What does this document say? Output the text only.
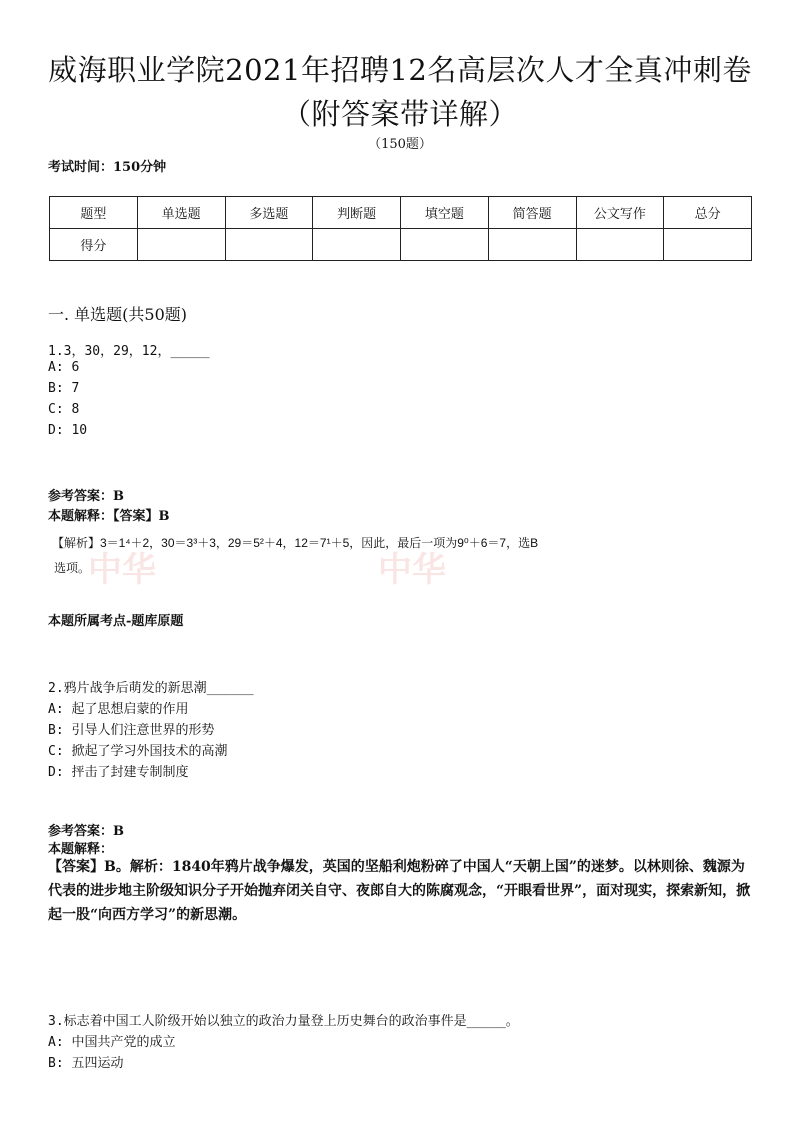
威海职业学院2021年招聘12名高层次人才全真冲刺卷（附答案带详解）
（150题）
考试时间：150分钟
题型	单选题	多选题	判断题	填空题	简答题	公文写作	总分
得分							
一. 单选题(共50题)
1.3，30，29，12，_____
A: 6
B: 7
C: 8
D: 10
参考答案：B
本题解释：【答案】B
中华	中华
【解析】3＝1⁴＋2，30＝3³＋3，29＝5²＋4，12＝7¹＋5，因此，最后一项为9⁰＋6＝7，选B
选项。
本题所属考点-题库原题
2.鸦片战争后萌发的新思潮______
A: 起了思想启蒙的作用
B: 引导人们注意世界的形势
C: 掀起了学习外国技术的高潮
D: 抨击了封建专制制度
参考答案：B
本题解释：
【答案】B。解析：1840年鸦片战争爆发，英国的坚船利炮粉碎了中国人“天朝上国”的迷梦。以林则徐、魏源为代表的进步地主阶级知识分子开始抛弃闭关自守、夜郎自大的陈腐观念，“开眼看世界”，面对现实，探索新知，掀起一股“向西方学习”的新思潮。
3.标志着中国工人阶级开始以独立的政治力量登上历史舞台的政治事件是_____。
A: 中国共产党的成立
B: 五四运动
